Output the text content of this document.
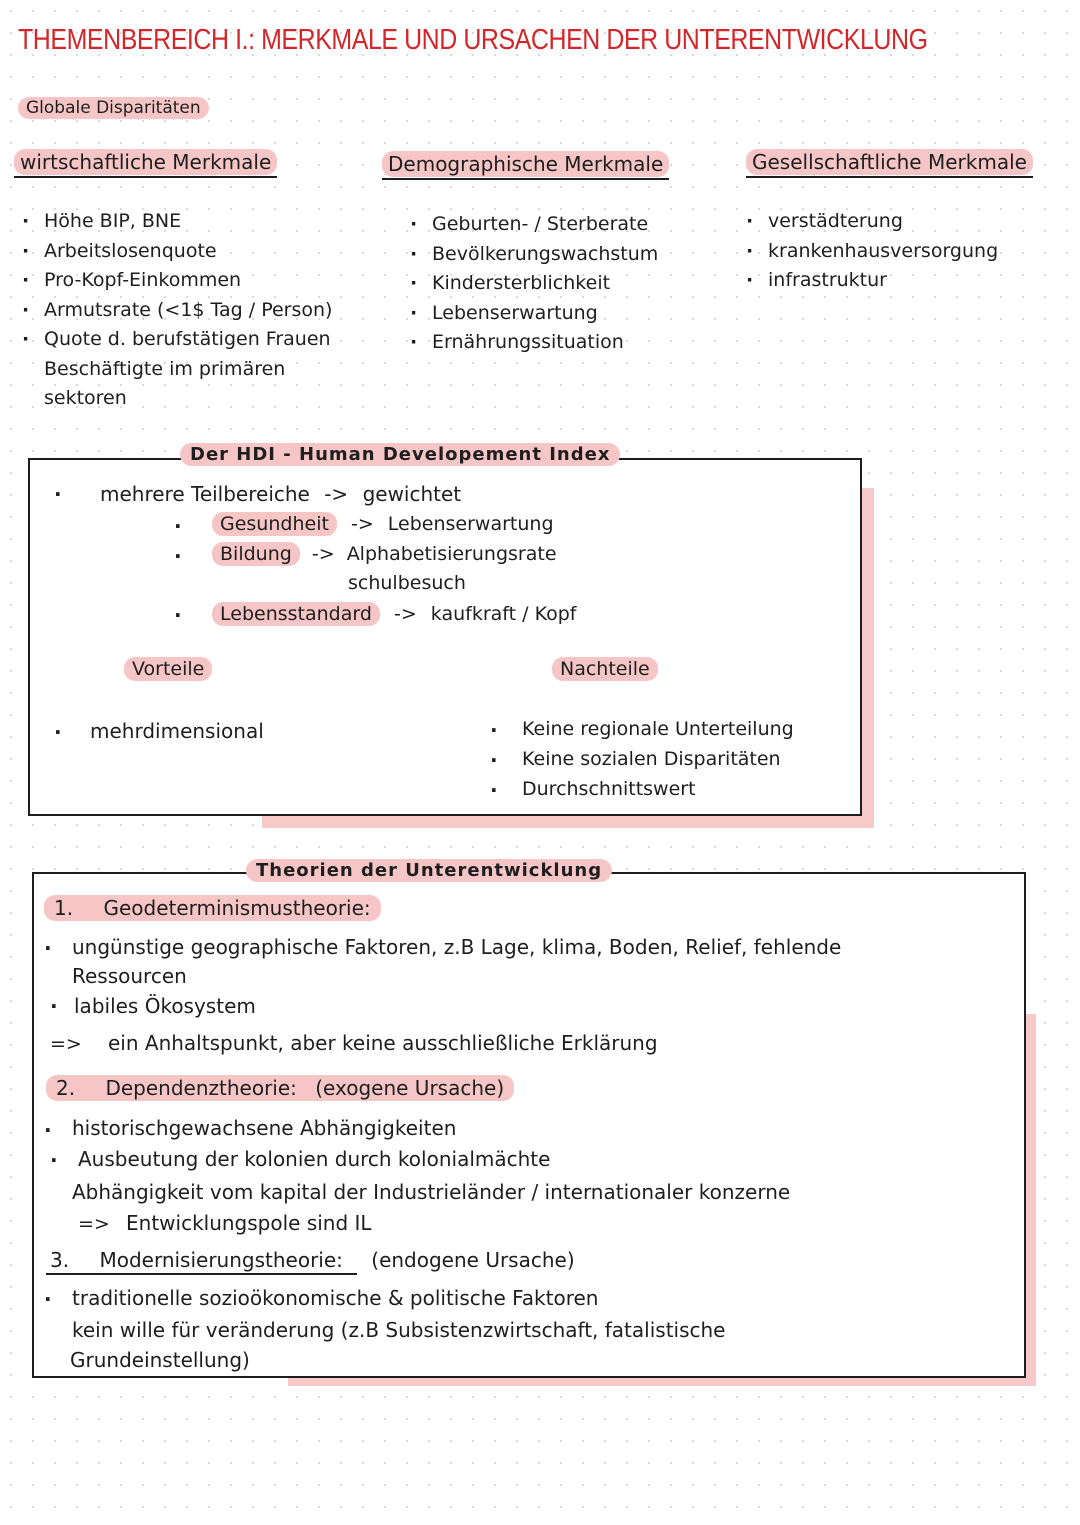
THEMENBEREICH I.: MERKMALE UND URSACHEN DER UNTERENTWICKLUNG
Globale Disparitäten
wirtschaftliche Merkmale	Demographische Merkmale	Gesellschaftliche Merkmale
· Höhe BIP, BNE
· Arbeitslosenquote
· Pro-Kopf-Einkommen
· Armutsrate (<1$ Tag / Person)
· Quote d. berufstätigen Frauen
Beschäftigte im primären
sektoren
· Geburten- / Sterberate
· Bevölkerungswachstum
· Kindersterblichkeit
· Lebenserwartung
· Ernährungssituation
· verstädterung
· krankenhausversorgung
· infrastruktur
Der HDI - Human Developement Index
· mehrere Teilbereiche -> gewichtet
·	Gesundheit -> Lebenserwartung
·	Bildung -> Alphabetisierungsrate
schulbesuch
·	Lebensstandard -> kaufkraft / Kopf
Vorteile	Nachteile
· mehrdimensional	· Keine regionale Unterteilung
· Keine sozialen Disparitäten
· Durchschnittswert
Theorien der Unterentwicklung
1. Geodeterminismustheorie:
· ungünstige geographische Faktoren, z.B Lage, klima, Boden, Relief, fehlende
Ressourcen
· labiles Ökosystem
=> ein Anhaltspunkt, aber keine ausschließliche Erklärung
2. Dependenztheorie: (exogene Ursache)
· historischgewachsene Abhängigkeiten
· Ausbeutung der kolonien durch kolonialmächte
Abhängigkeit vom kapital der Industrieländer / internationaler konzerne
=> Entwicklungspole sind IL
3. Modernisierungstheorie: (endogene Ursache)
· traditionelle sozioökonomische & politische Faktoren
kein wille für veränderung (z.B Subsistenzwirtschaft, fatalistische
Grundeinstellung)
